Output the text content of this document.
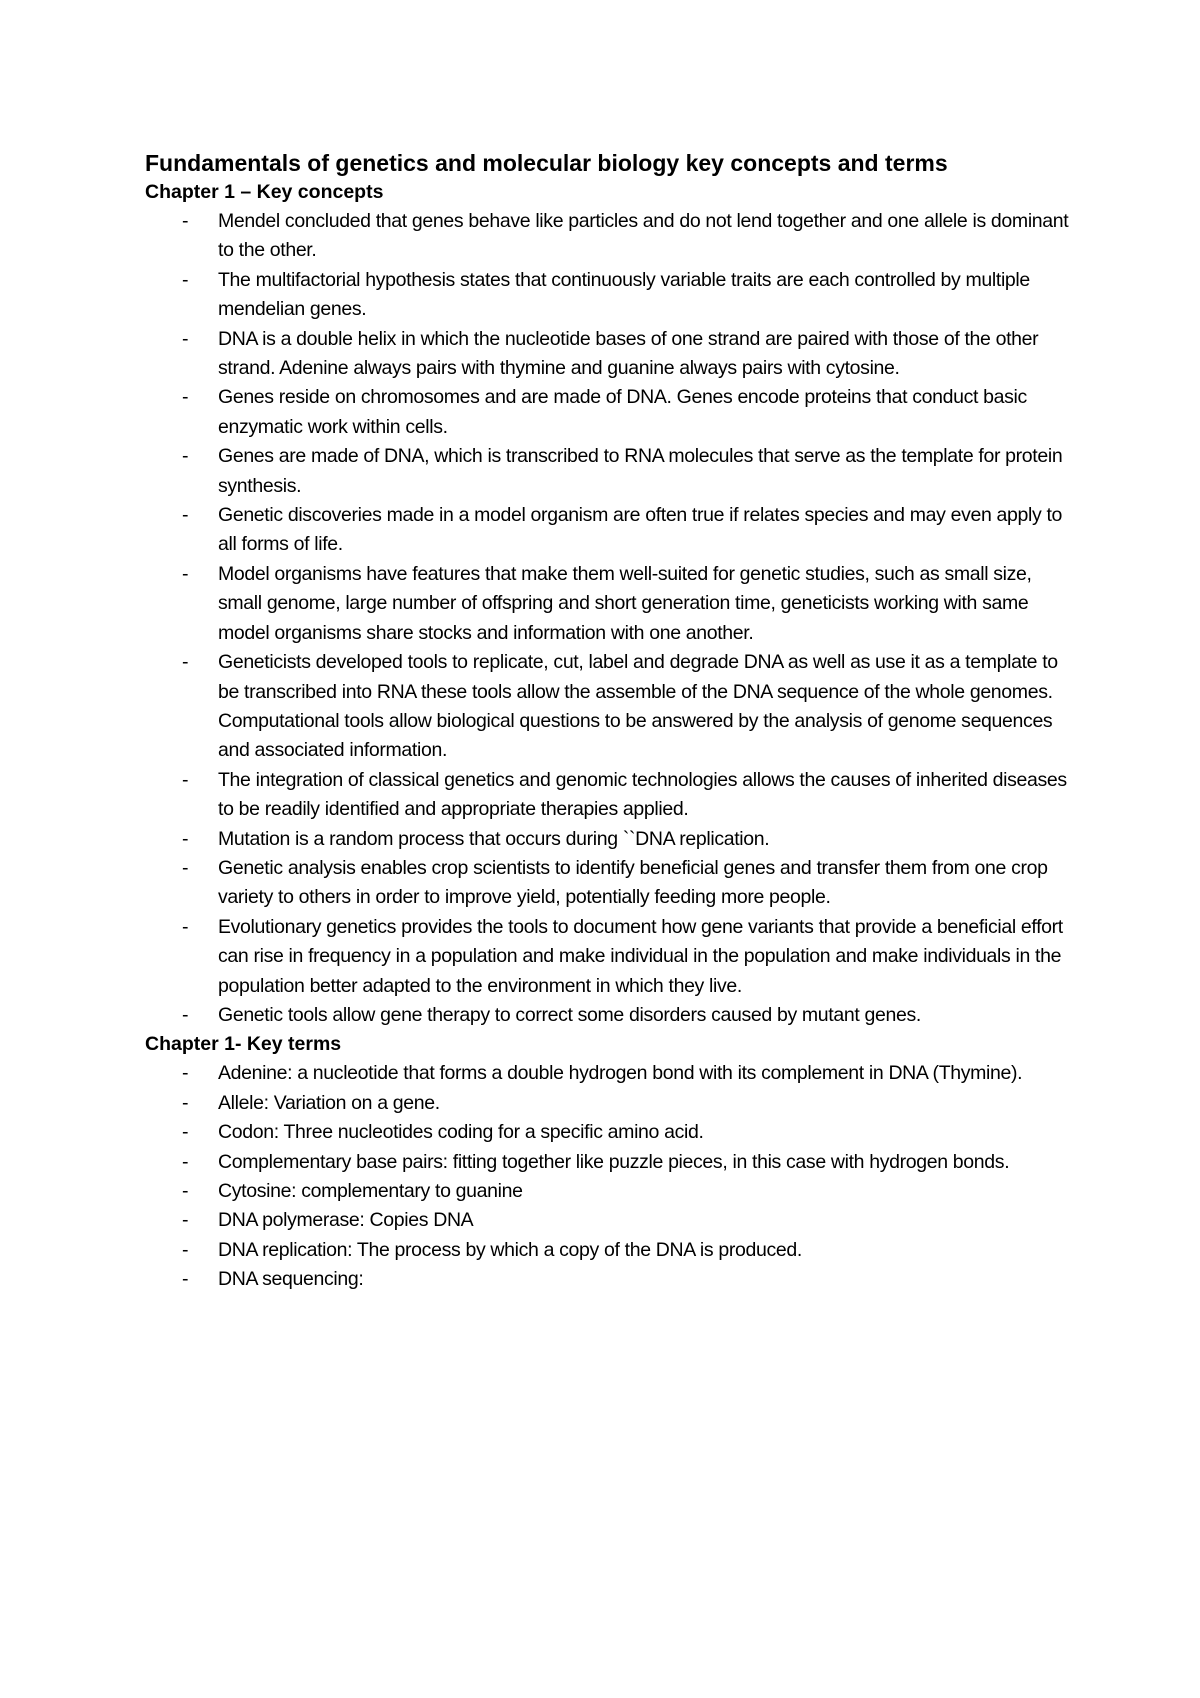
Fundamentals of genetics and molecular biology key concepts and terms
Chapter 1 – Key concepts
- Mendel concluded that genes behave like particles and do not lend together and one allele is dominant to the other.
- The multifactorial hypothesis states that continuously variable traits are each controlled by multiple mendelian genes.
- DNA is a double helix in which the nucleotide bases of one strand are paired with those of the other strand. Adenine always pairs with thymine and guanine always pairs with cytosine.
- Genes reside on chromosomes and are made of DNA. Genes encode proteins that conduct basic enzymatic work within cells.
- Genes are made of DNA, which is transcribed to RNA molecules that serve as the template for protein synthesis.
- Genetic discoveries made in a model organism are often true if relates species and may even apply to all forms of life.
- Model organisms have features that make them well-suited for genetic studies, such as small size, small genome, large number of offspring and short generation time, geneticists working with same model organisms share stocks and information with one another.
- Geneticists developed tools to replicate, cut, label and degrade DNA as well as use it as a template to be transcribed into RNA these tools allow the assemble of the DNA sequence of the whole genomes. Computational tools allow biological questions to be answered by the analysis of genome sequences and associated information.
- The integration of classical genetics and genomic technologies allows the causes of inherited diseases to be readily identified and appropriate therapies applied.
- Mutation is a random process that occurs during ``DNA replication.
- Genetic analysis enables crop scientists to identify beneficial genes and transfer them from one crop variety to others in order to improve yield, potentially feeding more people.
- Evolutionary genetics provides the tools to document how gene variants that provide a beneficial effort can rise in frequency in a population and make individual in the population and make individuals in the population better adapted to the environment in which they live.
- Genetic tools allow gene therapy to correct some disorders caused by mutant genes.
Chapter 1- Key terms
- Adenine: a nucleotide that forms a double hydrogen bond with its complement in DNA (Thymine).
- Allele: Variation on a gene.
- Codon: Three nucleotides coding for a specific amino acid.
- Complementary base pairs: fitting together like puzzle pieces, in this case with hydrogen bonds.
- Cytosine: complementary to guanine
- DNA polymerase: Copies DNA
- DNA replication: The process by which a copy of the DNA is produced.
- DNA sequencing:
